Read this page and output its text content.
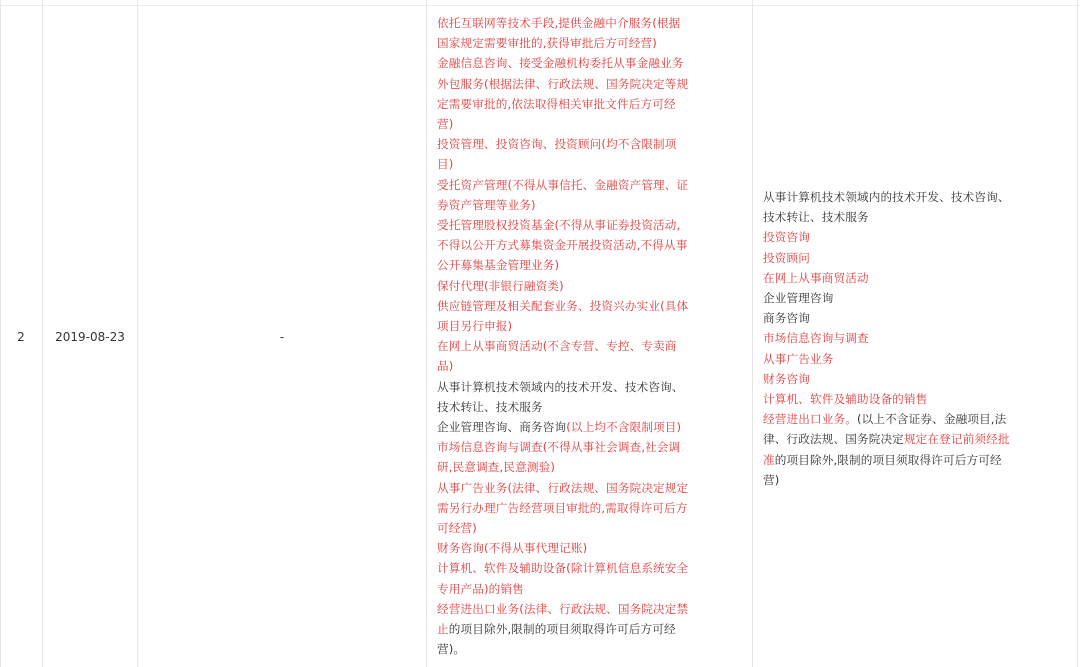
2	2019-08-23	-
依托互联网等技术手段,提供金融中介服务(根据
国家规定需要审批的,获得审批后方可经营)
金融信息咨询、接受金融机构委托从事金融业务
外包服务(根据法律、行政法规、国务院决定等规
定需要审批的,依法取得相关审批文件后方可经
营)
投资管理、投资咨询、投资顾问(均不含限制项
目)
受托资产管理(不得从事信托、金融资产管理、证
券资产管理等业务)
受托管理股权投资基金(不得从事证券投资活动,
不得以公开方式募集资金开展投资活动,不得从事
公开募集基金管理业务)
保付代理(非银行融资类)
供应链管理及相关配套业务、投资兴办实业(具体
项目另行申报)
在网上从事商贸活动(不含专营、专控、专卖商
品)
从事计算机技术领域内的技术开发、技术咨询、
技术转让、技术服务
企业管理咨询、商务咨询(以上均不含限制项目)
市场信息咨询与调查(不得从事社会调查,社会调
研,民意调查,民意测验)
从事广告业务(法律、行政法规、国务院决定规定
需另行办理广告经营项目审批的,需取得许可后方
可经营)
财务咨询(不得从事代理记账)
计算机、软件及辅助设备(除计算机信息系统安全
专用产品)的销售
经营进出口业务(法律、行政法规、国务院决定禁
止的项目除外,限制的项目须取得许可后方可经
营)。
从事计算机技术领域内的技术开发、技术咨询、
技术转让、技术服务
投资咨询
投资顾问
在网上从事商贸活动
企业管理咨询
商务咨询
市场信息咨询与调查
从事广告业务
财务咨询
计算机、软件及辅助设备的销售
经营进出口业务。(以上不含证券、金融项目,法
律、行政法规、国务院决定规定在登记前须经批
准的项目除外,限制的项目须取得许可后方可经
营)
